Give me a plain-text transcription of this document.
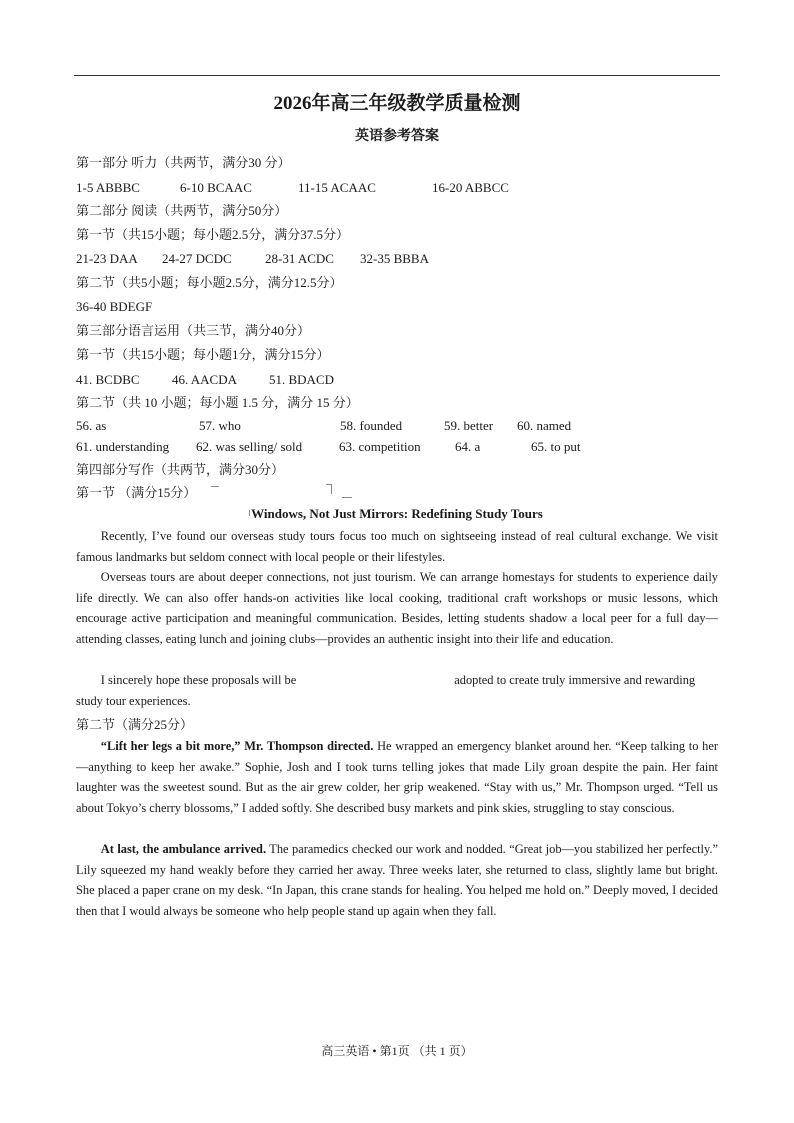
2026年高三年级教学质量检测
英语参考答案
第一部分 听力（共两节，满分30 分）
1-5 ABBBC	6-10 BCAAC	11-15 ACAAC	16-20 ABBCC
第二部分 阅读（共两节，满分50分）
第一节（共15小题；每小题2.5分，满分37.5分）
21-23 DAA 24-27 DCDC	28-31 ACDC 32-35 BBBA
第二节（共5小题；每小题2.5分，满分12.5分）
36-40 BDEGF
第三部分语言运用（共三节，满分40分）
第一节（共15小题；每小题1分，满分15分）
41. BCDBC 46. AACDA 51. BDACD
第二节（共 10 小题；每小题 1.5 分，满分 15 分）
56. as	57. who	58. founded	59. better 60. named
61. understanding 62. was selling/ sold	63. competition	64. a	65. to put
第四部分写作（共两节，满分30分）
第一节 （满分15分）
Windows, Not Just Mirrors: Redefining Study Tours

Recently, I’ve found our overseas study tours focus too much on sightseeing instead of real cultural exchange. We visit famous landmarks but seldom connect with local people or their lifestyles.

Overseas tours are about deeper connections, not just tourism. We can arrange homestays for students to experience daily life directly. We can also offer hands-on activities like local cooking, traditional craft workshops or music lessons, which encourage active participation and meaningful communication. Besides, letting students shadow a local peer for a full day—attending classes, eating lunch and joining clubs—provides an authentic insight into their life and education.

I sincerely hope these proposals will be	adopted to create truly immersive and rewarding study tour experiences.

第二节（满分25分）

“Lift her legs a bit more,” Mr. Thompson directed. He wrapped an emergency blanket around her. “Keep talking to her—anything to keep her awake.” Sophie, Josh and I took turns telling jokes that made Lily groan despite the pain. Her faint laughter was the sweetest sound. But as the air grew colder, her grip weakened. “Stay with us,” Mr. Thompson urged. “Tell us about Tokyo’s cherry blossoms,” I added softly. She described busy markets and pink skies, struggling to stay conscious.

At last, the ambulance arrived. The paramedics checked our work and nodded. “Great job—you stabilized her perfectly.” Lily squeezed my hand weakly before they carried her away. Three weeks later, she returned to class, slightly lame but bright. She placed a paper crane on my desk. “In Japan, this crane stands for healing. You helped me hold on.” Deeply moved, I decided then that I would always be someone who help people stand up again when they fall.

高三英语 • 第1页 （共 1 页）
